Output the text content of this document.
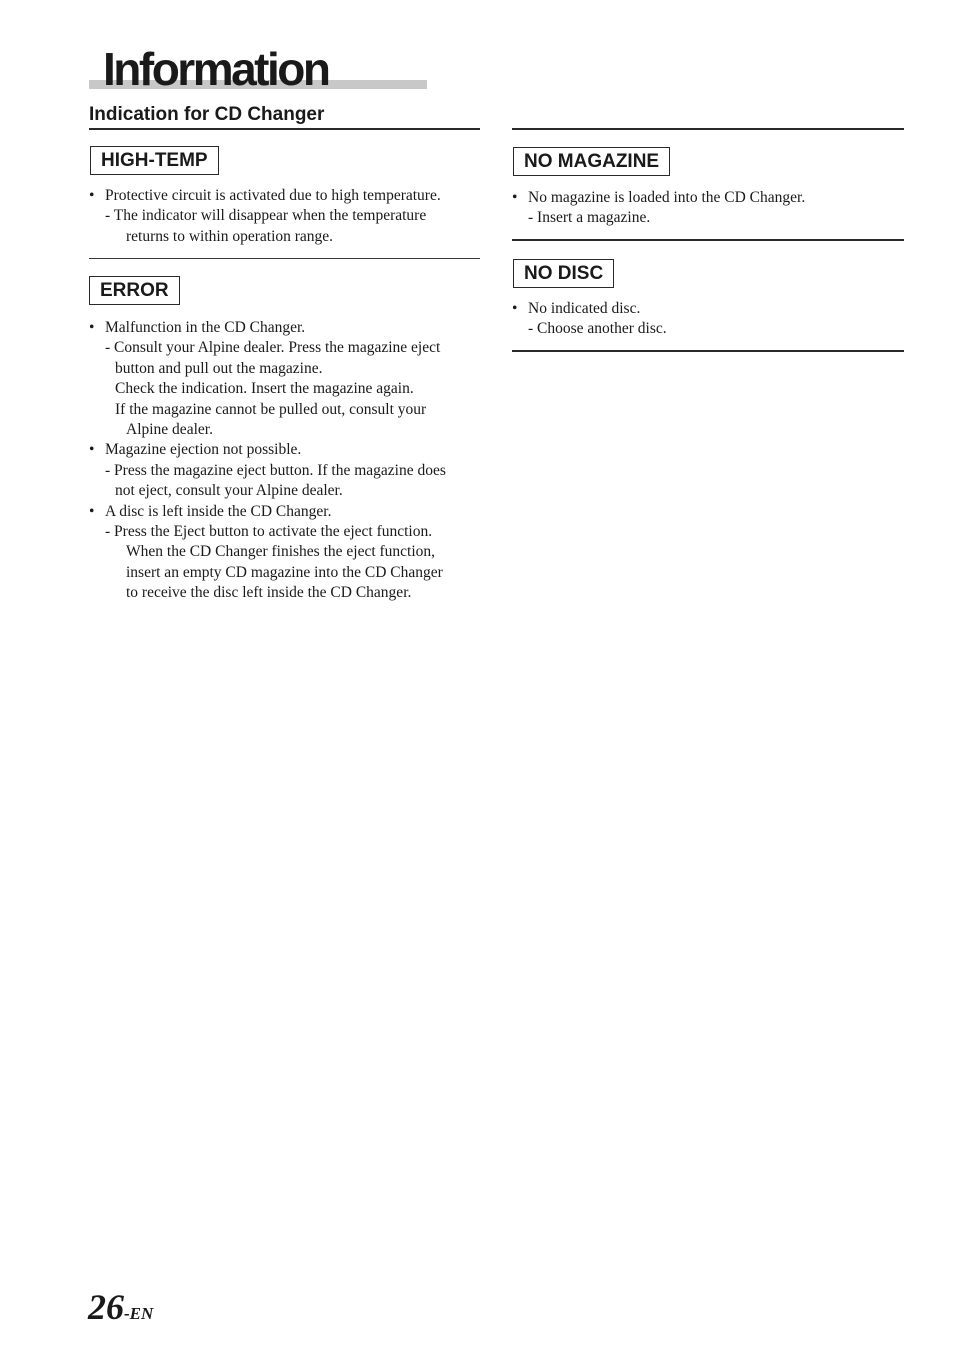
Information
Indication for CD Changer
HIGH-TEMP
• Protective circuit is activated due to high temperature.
- The indicator will disappear when the temperature
returns to within operation range.
ERROR
• Malfunction in the CD Changer.
- Consult your Alpine dealer. Press the magazine eject
button and pull out the magazine.
Check the indication. Insert the magazine again.
If the magazine cannot be pulled out, consult your
Alpine dealer.
• Magazine ejection not possible.
- Press the magazine eject button. If the magazine does
not eject, consult your Alpine dealer.
• A disc is left inside the CD Changer.
- Press the Eject button to activate the eject function.
When the CD Changer finishes the eject function,
insert an empty CD magazine into the CD Changer
to receive the disc left inside the CD Changer.
NO MAGAZINE
• No magazine is loaded into the CD Changer.
- Insert a magazine.
NO DISC
• No indicated disc.
- Choose another disc.
26-EN
